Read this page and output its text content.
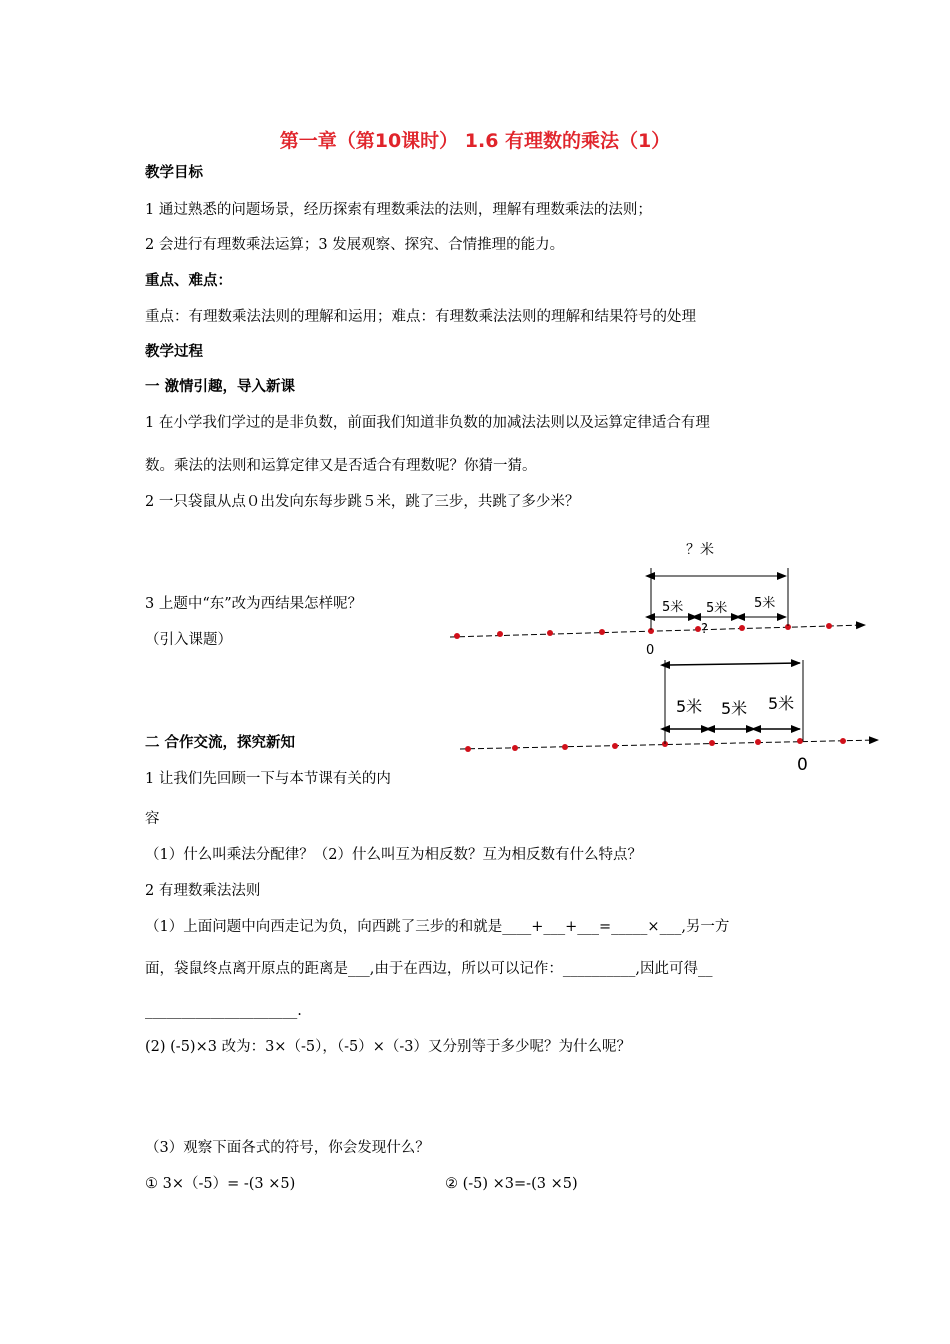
第一章（第10课时） 1.6 有理数的乘法（1）
教学目标
1 通过熟悉的问题场景，经历探索有理数乘法的法则，理解有理数乘法的法则；
2 会进行有理数乘法运算；3 发展观察、探究、合情推理的能力。
重点、难点：
重点：有理数乘法法则的理解和运用；难点：有理数乘法法则的理解和结果符号的处理
教学过程
一 激情引趣，导入新课
1 在小学我们学过的是非负数，前面我们知道非负数的加减法法则以及运算定律适合有理
数。乘法的法则和运算定律又是否适合有理数呢？你猜一猜。
2 一只袋鼠从点０出发向东每步跳５米，跳了三步，共跳了多少米？
3 上题中“东”改为西结果怎样呢？
（引入课题）
二 合作交流，探究新知
1 让我们先回顾一下与本节课有关的内
容
（1）什么叫乘法分配律？（2）什么叫互为相反数？互为相反数有什么特点？
2 有理数乘法法则
（1）上面问题中向西走记为负，向西跳了三步的和就是____+___+___=_____×___,另一方
面，袋鼠终点离开原点的距离是___,由于在西边，所以可以记作：__________,因此可得__
_____________________.
(2) (-5)×3 改为：3×（-5），（-5）×（-3）又分别等于多少呢？为什么呢？
（3）观察下面各式的符号，你会发现什么？
① 3×（-5）= -(3 ×5)	② (-5) ×3=-(3 ×5)
？米
5米 5米 5米
?
0
5米 5米 5米
0
